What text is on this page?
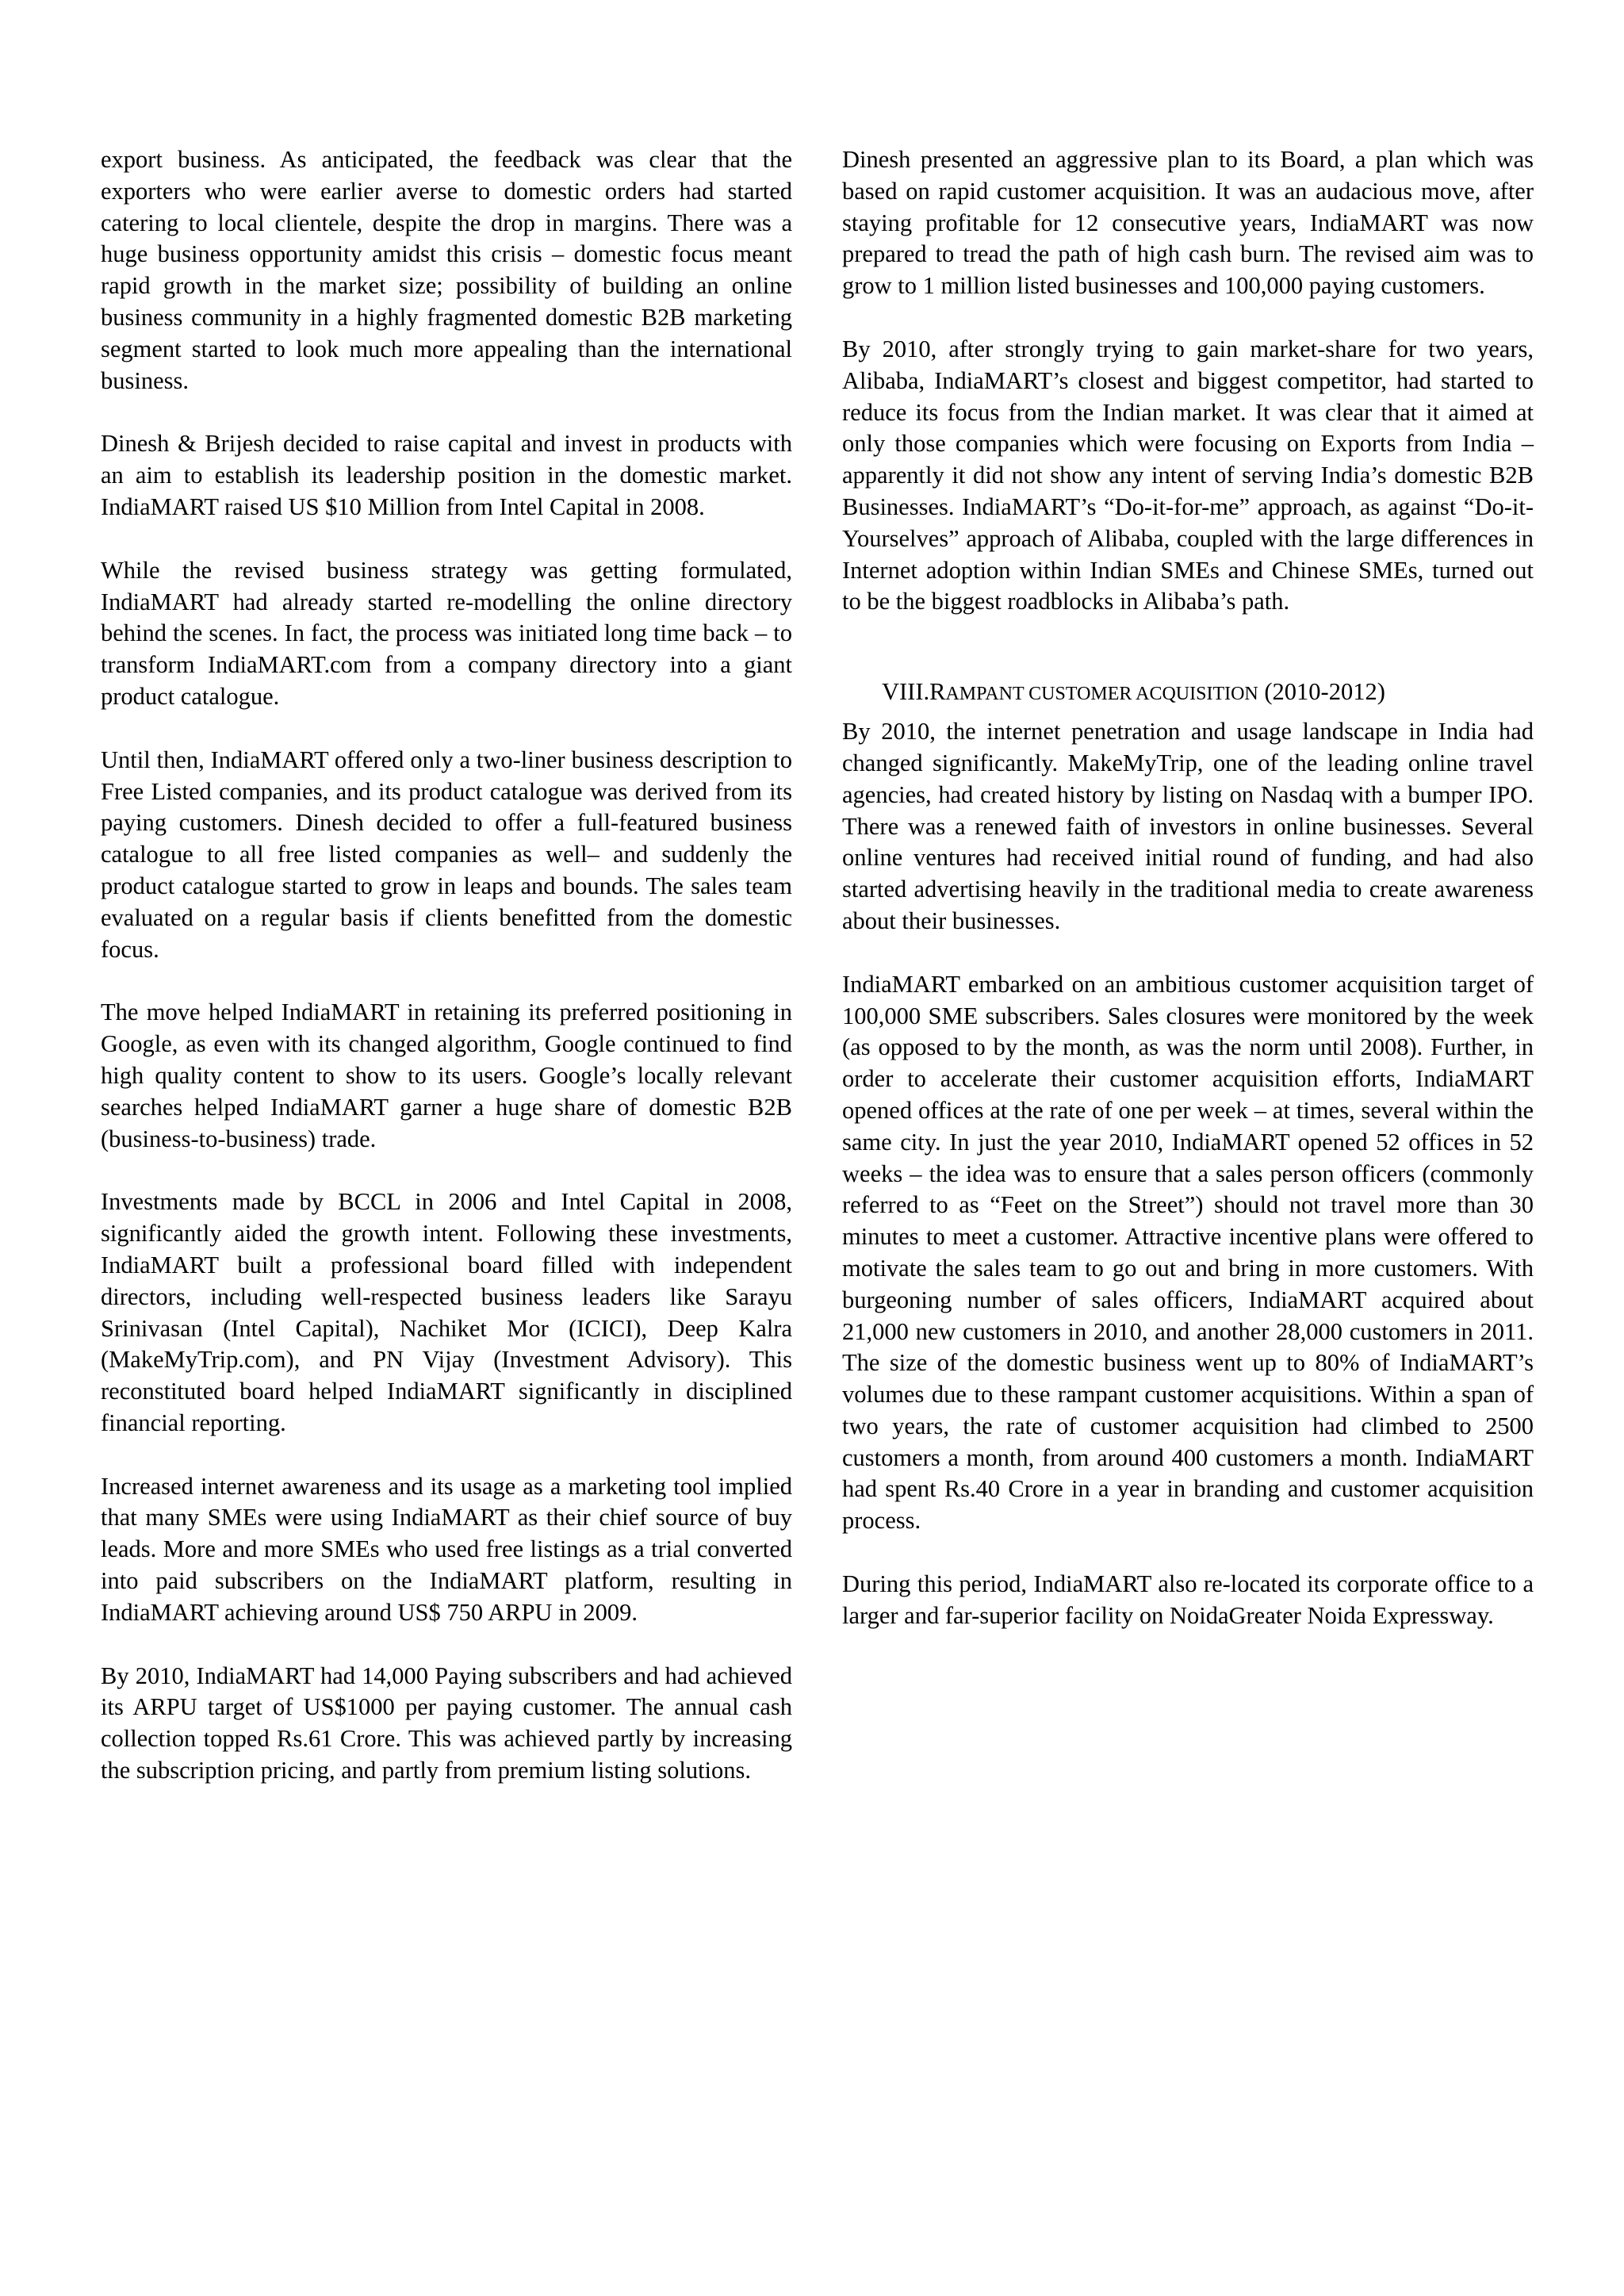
export business. As anticipated, the feedback was clear that the exporters who were earlier averse to domestic orders had started catering to local clientele, despite the drop in margins. There was a huge business opportunity amidst this crisis – domestic focus meant rapid growth in the market size; possibility of building an online business community in a highly fragmented domestic B2B marketing segment started to look much more appealing than the international business.

Dinesh & Brijesh decided to raise capital and invest in products with an aim to establish its leadership position in the domestic market. IndiaMART raised US $10 Million from Intel Capital in 2008.

While the revised business strategy was getting formulated, IndiaMART had already started re-modelling the online directory behind the scenes. In fact, the process was initiated long time back – to transform IndiaMART.com from a company directory into a giant product catalogue.

Until then, IndiaMART offered only a two-liner business description to Free Listed companies, and its product catalogue was derived from its paying customers. Dinesh decided to offer a full-featured business catalogue to all free listed companies as well– and suddenly the product catalogue started to grow in leaps and bounds. The sales team evaluated on a regular basis if clients benefitted from the domestic focus.

The move helped IndiaMART in retaining its preferred positioning in Google, as even with its changed algorithm, Google continued to find high quality content to show to its users. Google’s locally relevant searches helped IndiaMART garner a huge share of domestic B2B (business-to-business) trade.

Investments made by BCCL in 2006 and Intel Capital in 2008, significantly aided the growth intent. Following these investments, IndiaMART built a professional board filled with independent directors, including well-respected business leaders like Sarayu Srinivasan (Intel Capital), Nachiket Mor (ICICI), Deep Kalra (MakeMyTrip.com), and PN Vijay (Investment Advisory). This reconstituted board helped IndiaMART significantly in disciplined financial reporting.

Increased internet awareness and its usage as a marketing tool implied that many SMEs were using IndiaMART as their chief source of buy leads. More and more SMEs who used free listings as a trial converted into paid subscribers on the IndiaMART platform, resulting in IndiaMART achieving around US$ 750 ARPU in 2009.

By 2010, IndiaMART had 14,000 Paying subscribers and had achieved its ARPU target of US$1000 per paying customer. The annual cash collection topped Rs.61 Crore. This was achieved partly by increasing the subscription pricing, and partly from premium listing solutions.

Dinesh presented an aggressive plan to its Board, a plan which was based on rapid customer acquisition. It was an audacious move, after staying profitable for 12 consecutive years, IndiaMART was now prepared to tread the path of high cash burn. The revised aim was to grow to 1 million listed businesses and 100,000 paying customers.

By 2010, after strongly trying to gain market-share for two years, Alibaba, IndiaMART’s closest and biggest competitor, had started to reduce its focus from the Indian market. It was clear that it aimed at only those companies which were focusing on Exports from India – apparently it did not show any intent of serving India’s domestic B2B Businesses. IndiaMART’s “Do-it-for-me” approach, as against “Do-it-Yourselves” approach of Alibaba, coupled with the large differences in Internet adoption within Indian SMEs and Chinese SMEs, turned out to be the biggest roadblocks in Alibaba’s path.

VIII.RAMPANT CUSTOMER ACQUISITION (2010-2012)

By 2010, the internet penetration and usage landscape in India had changed significantly. MakeMyTrip, one of the leading online travel agencies, had created history by listing on Nasdaq with a bumper IPO. There was a renewed faith of investors in online businesses. Several online ventures had received initial round of funding, and had also started advertising heavily in the traditional media to create awareness about their businesses.

IndiaMART embarked on an ambitious customer acquisition target of 100,000 SME subscribers. Sales closures were monitored by the week (as opposed to by the month, as was the norm until 2008). Further, in order to accelerate their customer acquisition efforts, IndiaMART opened offices at the rate of one per week – at times, several within the same city. In just the year 2010, IndiaMART opened 52 offices in 52 weeks – the idea was to ensure that a sales person officers (commonly referred to as “Feet on the Street”) should not travel more than 30 minutes to meet a customer. Attractive incentive plans were offered to motivate the sales team to go out and bring in more customers. With burgeoning number of sales officers, IndiaMART acquired about 21,000 new customers in 2010, and another 28,000 customers in 2011. The size of the domestic business went up to 80% of IndiaMART’s volumes due to these rampant customer acquisitions. Within a span of two years, the rate of customer acquisition had climbed to 2500 customers a month, from around 400 customers a month. IndiaMART had spent Rs.40 Crore in a year in branding and customer acquisition process.

During this period, IndiaMART also re-located its corporate office to a larger and far-superior facility on NoidaGreater Noida Expressway.
